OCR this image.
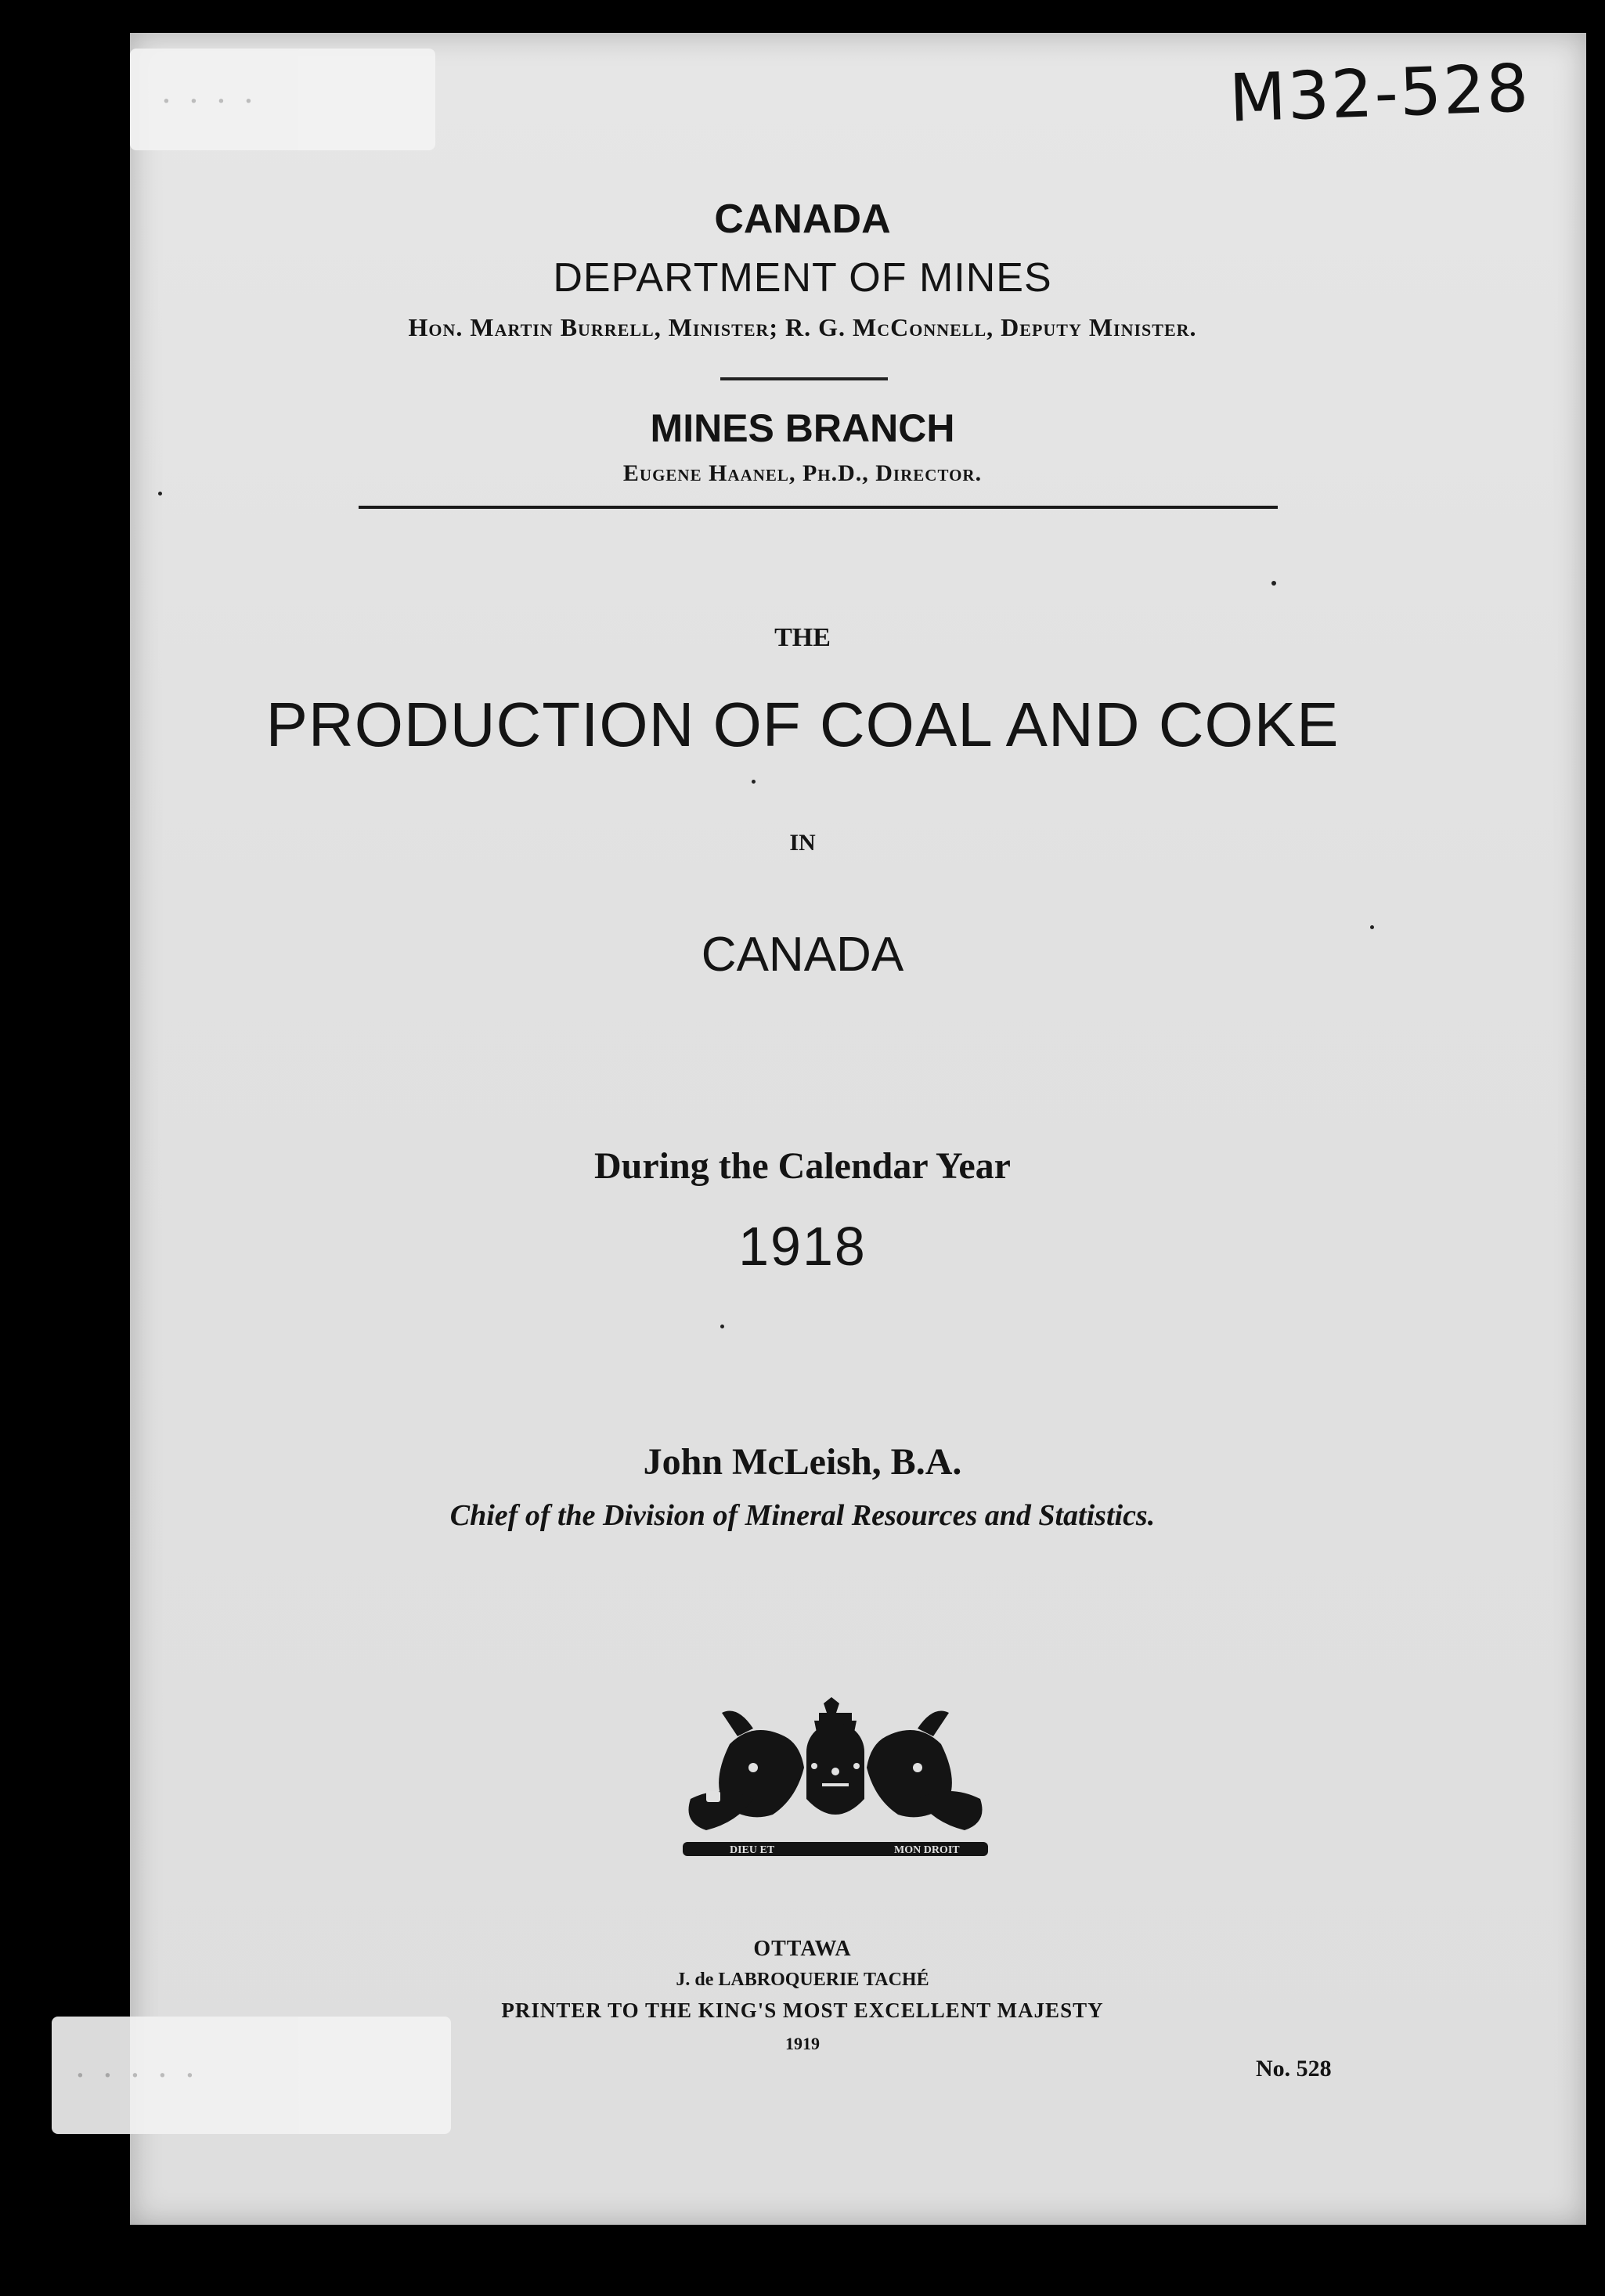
· · · ·
· · · · ·
M32-528
CANADA
DEPARTMENT OF MINES
Hon. Martin Burrell, Minister; R. G. McConnell, Deputy Minister.
MINES BRANCH
Eugene Haanel, Ph.D., Director.
THE
PRODUCTION OF COAL AND COKE
IN
CANADA
During the Calendar Year
1918
John McLeish, B.A.
Chief of the Division of Mineral Resources and Statistics.
DIEU ET	MON DROIT
OTTAWA
J. de LABROQUERIE TACHÉ
PRINTER TO THE KING'S MOST EXCELLENT MAJESTY
1919
No. 528
